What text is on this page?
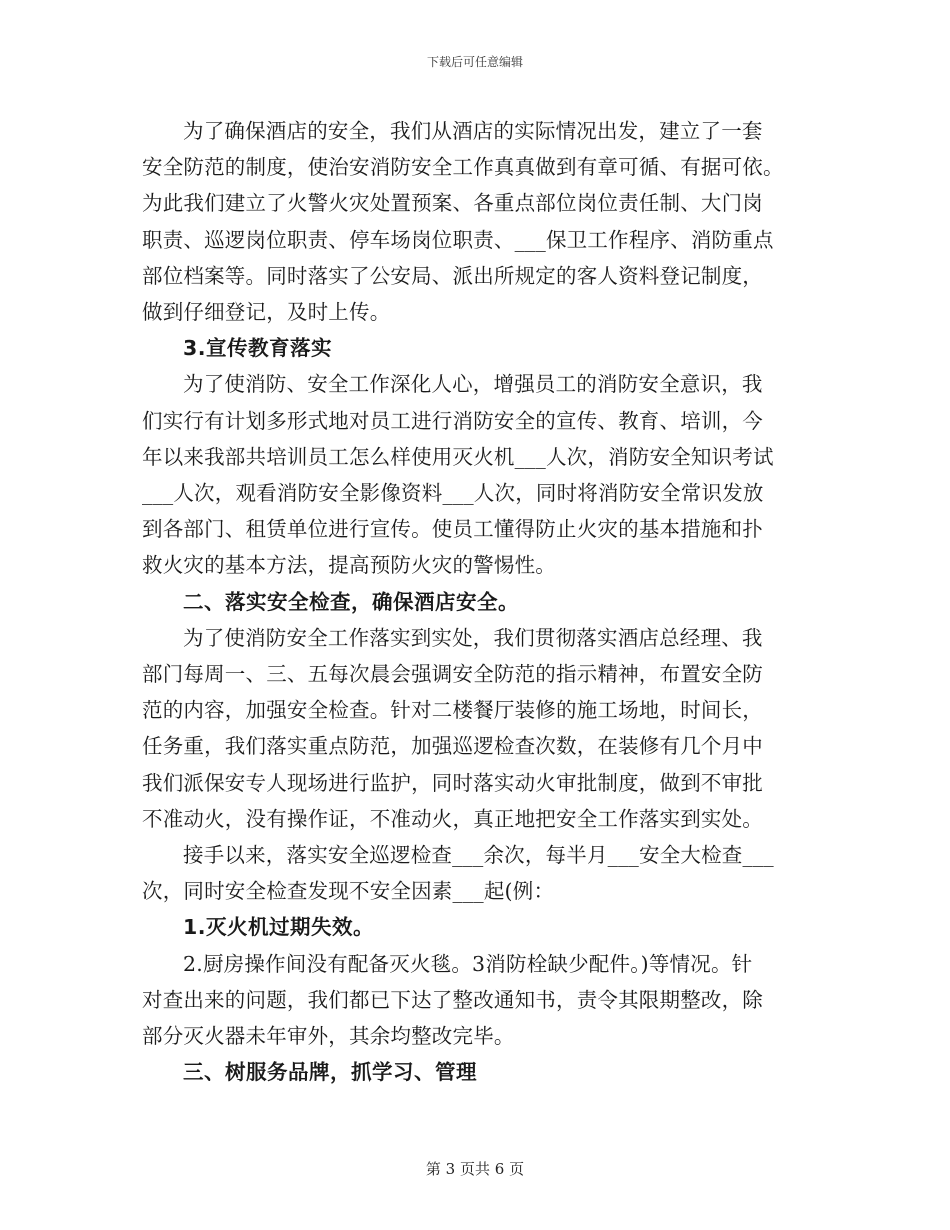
下载后可任意编辑
为了确保酒店的安全，我们从酒店的实际情况出发，建立了一套
安全防范的制度，使治安消防安全工作真真做到有章可循、有据可依。
为此我们建立了火警火灾处置预案、各重点部位岗位责任制、大门岗
职责、巡逻岗位职责、停车场岗位职责、___保卫工作程序、消防重点
部位档案等。同时落实了公安局、派出所规定的客人资料登记制度，
做到仔细登记，及时上传。
3.宣传教育落实
为了使消防、安全工作深化人心，增强员工的消防安全意识，我
们实行有计划多形式地对员工进行消防安全的宣传、教育、培训，今
年以来我部共培训员工怎么样使用灭火机___人次，消防安全知识考试
___人次，观看消防安全影像资料___人次，同时将消防安全常识发放
到各部门、租赁单位进行宣传。使员工懂得防止火灾的基本措施和扑
救火灾的基本方法，提高预防火灾的警惕性。
二、落实安全检查，确保酒店安全。
为了使消防安全工作落实到实处，我们贯彻落实酒店总经理、我
部门每周一、三、五每次晨会强调安全防范的指示精神，布置安全防
范的内容，加强安全检查。针对二楼餐厅装修的施工场地，时间长，
任务重，我们落实重点防范，加强巡逻检查次数，在装修有几个月中
我们派保安专人现场进行监护，同时落实动火审批制度，做到不审批
不准动火，没有操作证，不准动火，真正地把安全工作落实到实处。
接手以来，落实安全巡逻检查___余次，每半月___安全大检查___
次，同时安全检查发现不安全因素___起(例：
1.灭火机过期失效。
2.厨房操作间没有配备灭火毯。3消防栓缺少配件。)等情况。针
对查出来的问题，我们都已下达了整改通知书，责令其限期整改，除
部分灭火器未年审外，其余均整改完毕。
三、树服务品牌，抓学习、管理
第 3 页共 6 页
